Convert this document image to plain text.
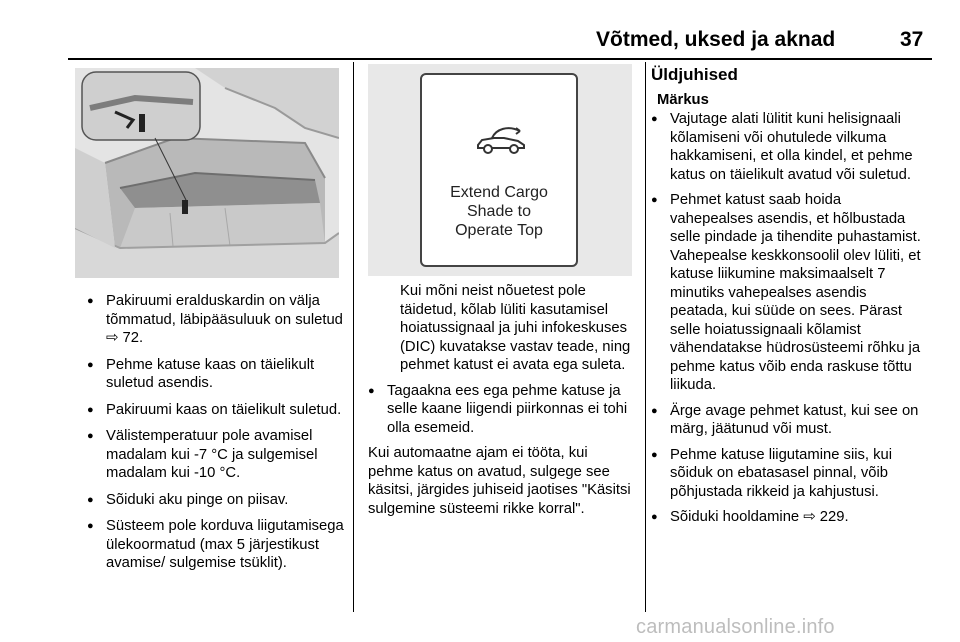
Võtmed, uksed ja aknad	37
Extend Cargo
Shade to
Operate Top
● Pakiruumi eralduskardin on välja tõmmatud, läbipääsuluuk on suletud ⇨ 72.
● Pehme katuse kaas on täielikult suletud asendis.
● Pakiruumi kaas on täielikult suletud.
● Välistemperatuur pole avamisel madalam kui -7 °C ja sulgemisel madalam kui -10 °C.
● Sõiduki aku pinge on piisav.
● Süsteem pole korduva liigutamisega ülekoormatud (max 5 järjestikust avamise/ sulgemise tsüklit).

Kui mõni neist nõuetest pole täidetud, kõlab lüliti kasutamisel hoiatussignaal ja juhi infokeskuses (DIC) kuvatakse vastav teade, ning pehmet katust ei avata ega suleta.

● Tagaakna ees ega pehme katuse ja selle kaane liigendi piirkonnas ei tohi olla esemeid.

Kui automaatne ajam ei tööta, kui pehme katus on avatud, sulgege see käsitsi, järgides juhiseid jaotises "Käsitsi sulgemine süsteemi rikke korral".

Üldjuhised
Märkus
● Vajutage alati lülitit kuni helisignaali kõlamiseni või ohutulede vilkuma hakkamiseni, et olla kindel, et pehme katus on täielikult avatud või suletud.
● Pehmet katust saab hoida vahepealses asendis, et hõlbustada selle pindade ja tihendite puhastamist. Vahepealse keskkonsoolil olev lüliti, et katuse liikumine maksimaalselt 7 minutiks vahepealses asendis peatada, kui süüde on sees. Pärast selle hoiatussignaali kõlamist vähendatakse hüdrosüsteemi rõhku ja pehme katus võib enda raskuse tõttu liikuda.
● Ärge avage pehmet katust, kui see on märg, jäätunud või must.
● Pehme katuse liigutamine siis, kui sõiduk on ebatasasel pinnal, võib põhjustada rikkeid ja kahjustusi.
● Sõiduki hooldamine ⇨ 229.
carmanualsonline.info
